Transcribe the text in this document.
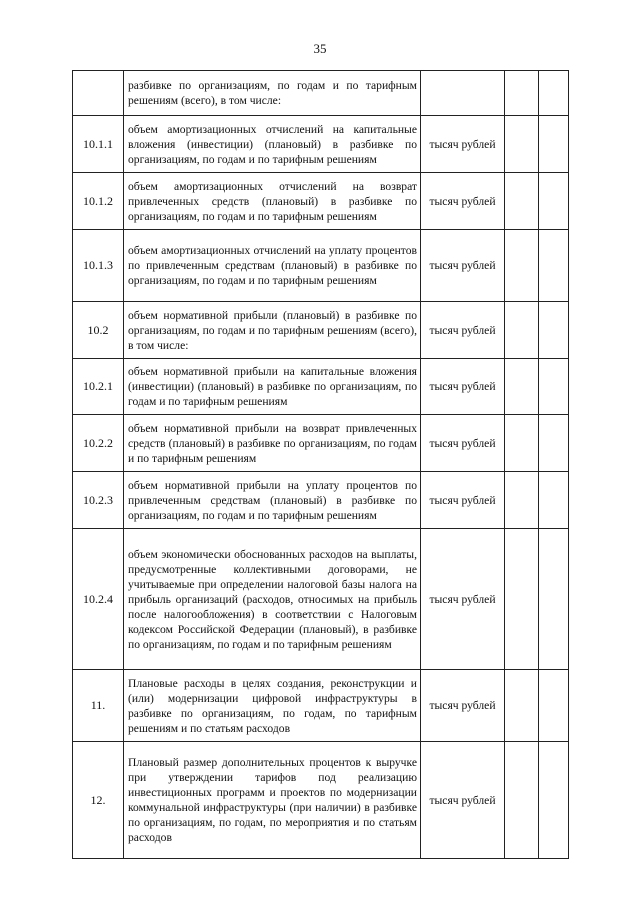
35
	разбивке по организациям, по годам и по тарифным решениям (всего), в том числе:			
10.1.1	объем амортизационных отчислений на капитальные вложения (инвестиции) (плановый) в разбивке по организациям, по годам и по тарифным решениям	тысяч рублей		
10.1.2	объем амортизационных отчислений на возврат привлеченных средств (плановый) в разбивке по организациям, по годам и по тарифным решениям	тысяч рублей		
10.1.3	объем амортизационных отчислений на уплату процентов по привлеченным средствам (плановый) в разбивке по организациям, по годам и по тарифным решениям	тысяч рублей		
10.2	объем нормативной прибыли (плановый) в разбивке по организациям, по годам и по тарифным решениям (всего), в том числе:	тысяч рублей		
10.2.1	объем нормативной прибыли на капитальные вложения (инвестиции) (плановый) в разбивке по организациям, по годам и по тарифным решениям	тысяч рублей		
10.2.2	объем нормативной прибыли на возврат привлеченных средств (плановый) в разбивке по организациям, по годам и по тарифным решениям	тысяч рублей		
10.2.3	объем нормативной прибыли на уплату процентов по привлеченным средствам (плановый) в разбивке по организациям, по годам и по тарифным решениям	тысяч рублей		
10.2.4	объем экономически обоснованных расходов на выплаты, предусмотренные коллективными договорами, не учитываемые при определении налоговой базы налога на прибыль организаций (расходов, относимых на прибыль после налогообложения) в соответствии с Налоговым кодексом Российской Федерации (плановый), в разбивке по организациям, по годам и по тарифным решениям	тысяч рублей		
11.	Плановые расходы в целях создания, реконструкции и (или) модернизации цифровой инфраструктуры в разбивке по организациям, по годам, по тарифным решениям и по статьям расходов	тысяч рублей		
12.	Плановый размер дополнительных процентов к выручке при утверждении тарифов под реализацию инвестиционных программ и проектов по модернизации коммунальной инфраструктуры (при наличии) в разбивке по организациям, по годам, по мероприятия и по статьям расходов	тысяч рублей		
